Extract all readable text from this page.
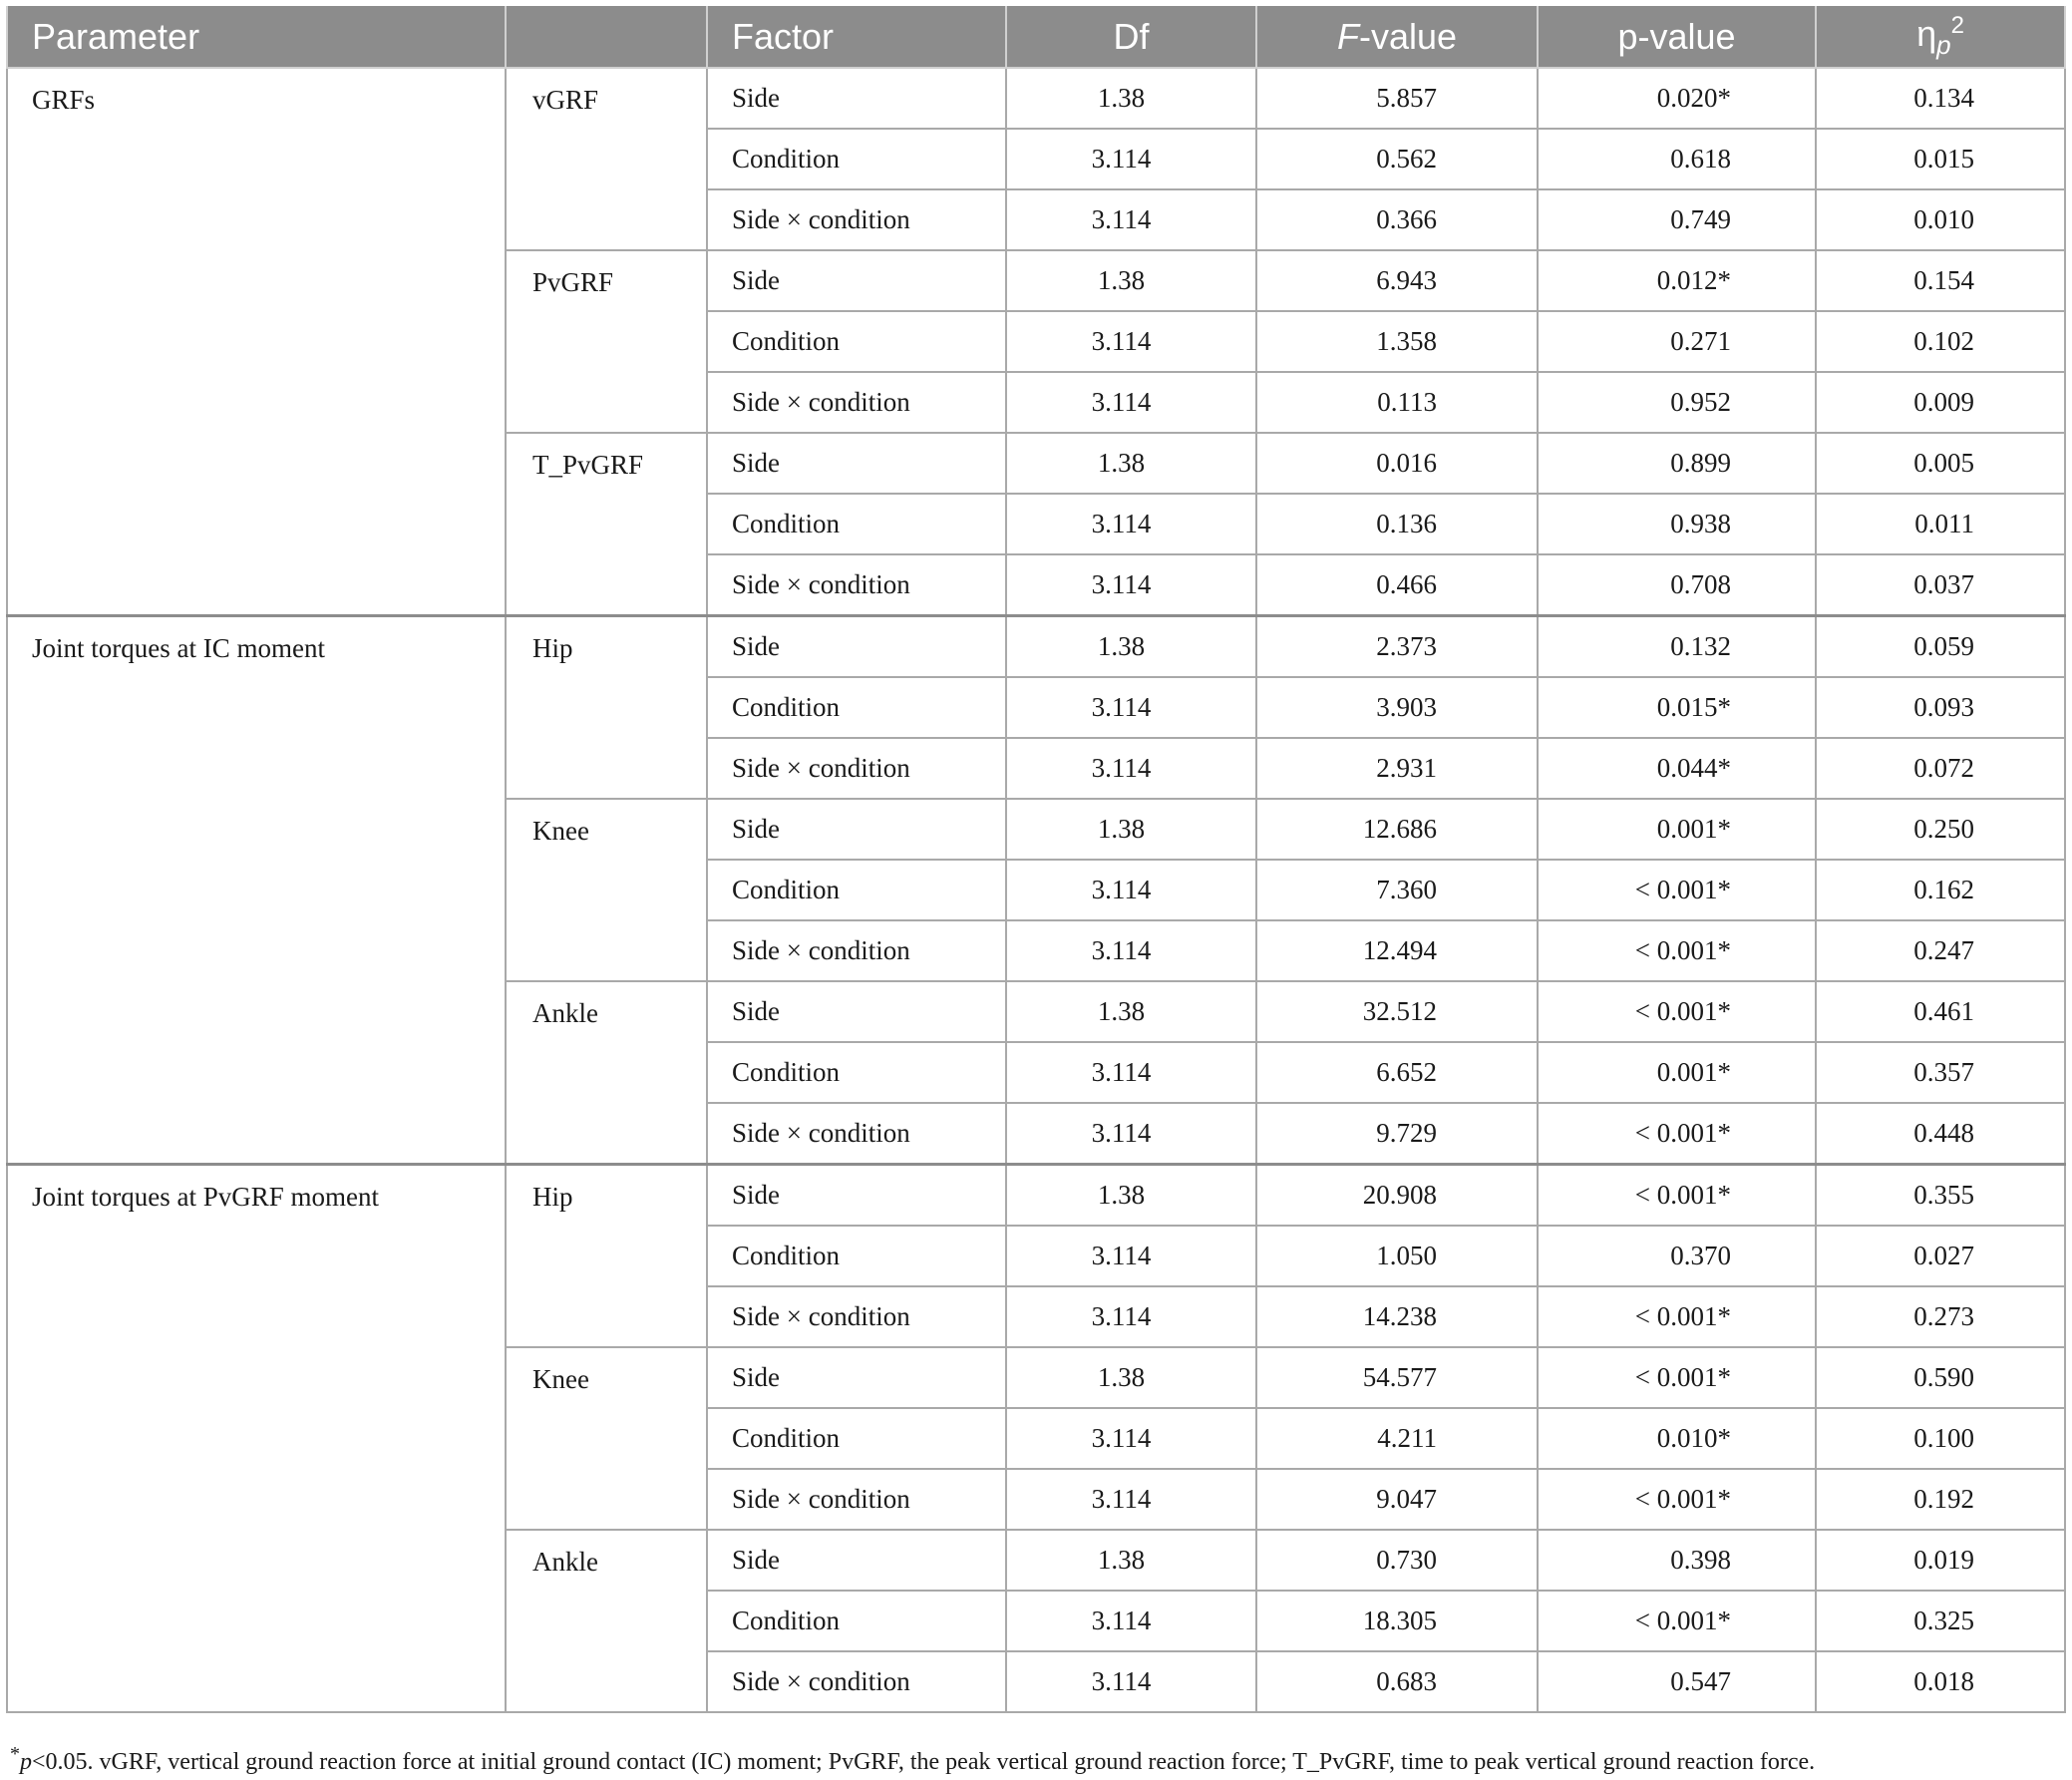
Parameter		Factor	Df	F-value	p-value	$\eta_p^2$
GRFs	vGRF	Side	1.38	5.857	0.020*	0.134
		Condition	3.114	0.562	0.618	0.015
		Side × condition	3.114	0.366	0.749	0.010
	PvGRF	Side	1.38	6.943	0.012*	0.154
		Condition	3.114	1.358	0.271	0.102
		Side × condition	3.114	0.113	0.952	0.009
	T_PvGRF	Side	1.38	0.016	0.899	0.005
		Condition	3.114	0.136	0.938	0.011
		Side × condition	3.114	0.466	0.708	0.037
Joint torques at IC moment	Hip	Side	1.38	2.373	0.132	0.059
		Condition	3.114	3.903	0.015*	0.093
		Side × condition	3.114	2.931	0.044*	0.072
	Knee	Side	1.38	12.686	0.001*	0.250
		Condition	3.114	7.360	< 0.001*	0.162
		Side × condition	3.114	12.494	< 0.001*	0.247
	Ankle	Side	1.38	32.512	< 0.001*	0.461
		Condition	3.114	6.652	0.001*	0.357
		Side × condition	3.114	9.729	< 0.001*	0.448
Joint torques at PvGRF moment	Hip	Side	1.38	20.908	< 0.001*	0.355
		Condition	3.114	1.050	0.370	0.027
		Side × condition	3.114	14.238	< 0.001*	0.273
	Knee	Side	1.38	54.577	< 0.001*	0.590
		Condition	3.114	4.211	0.010*	0.100
		Side × condition	3.114	9.047	< 0.001*	0.192
	Ankle	Side	1.38	0.730	0.398	0.019
		Condition	3.114	18.305	< 0.001*	0.325
		Side × condition	3.114	0.683	0.547	0.018
*p<0.05. vGRF, vertical ground reaction force at initial ground contact (IC) moment; PvGRF, the peak vertical ground reaction force; T_PvGRF, time to peak vertical ground reaction force.
